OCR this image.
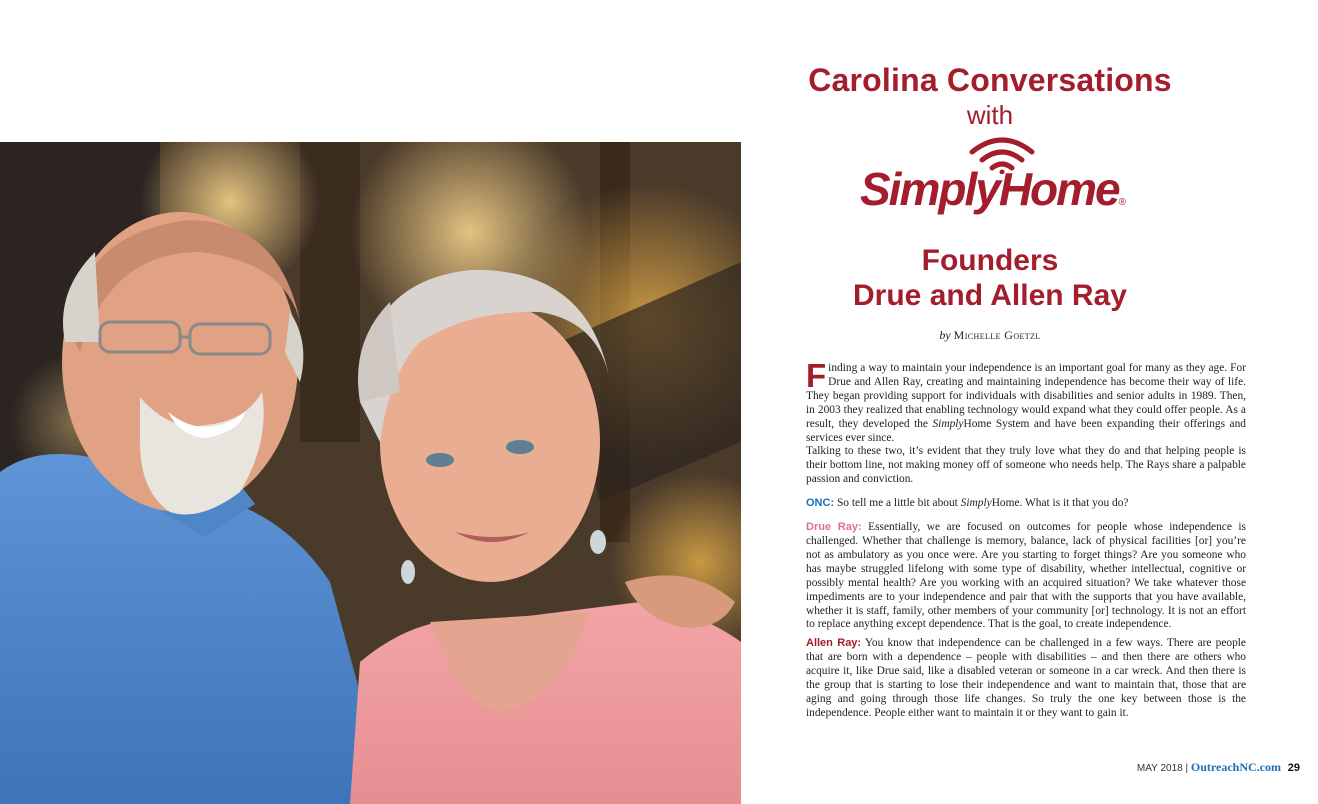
Carolina Conversations

with

SimplyHome®
Founders
Drue and Allen Ray
by Michelle Goetzl

Finding a way to maintain your independence is an important goal for many as they age. For Drue and Allen Ray, creating and maintaining independence has become their way of life. They began providing support for individuals with disabilities and senior adults in 1989. Then, in 2003 they realized that enabling technology would expand what they could offer people. As a result, they developed the SimplyHome System and have been expanding their offerings and services ever since.

Talking to these two, it’s evident that they truly love what they do and that helping people is their bottom line, not making money off of someone who needs help. The Rays share a palpable passion and conviction.

ONC: So tell me a little bit about SimplyHome. What is it that you do?

Drue Ray: Essentially, we are focused on outcomes for people whose independence is challenged. Whether that challenge is memory, balance, lack of physical facilities [or] you’re not as ambulatory as you once were. Are you starting to forget things? Are you someone who has maybe struggled lifelong with some type of disability, whether intellectual, cognitive or possibly mental health? Are you working with an acquired situation? We take whatever those impediments are to your independence and pair that with the supports that you have available, whether it is staff, family, other members of your community [or] technology. It is not an effort to replace anything except dependence. That is the goal, to create independence.

Allen Ray: You know that independence can be challenged in a few ways. There are people that are born with a dependence – people with disabilities – and then there are others who acquire it, like Drue said, like a disabled veteran or someone in a car wreck. And then there is the group that is starting to lose their independence and want to maintain that, those that are aging and going through those life changes. So truly the one key between those is the independence. People either want to maintain it or they want to gain it.

MAY 2018 | OutreachNC.com 29
